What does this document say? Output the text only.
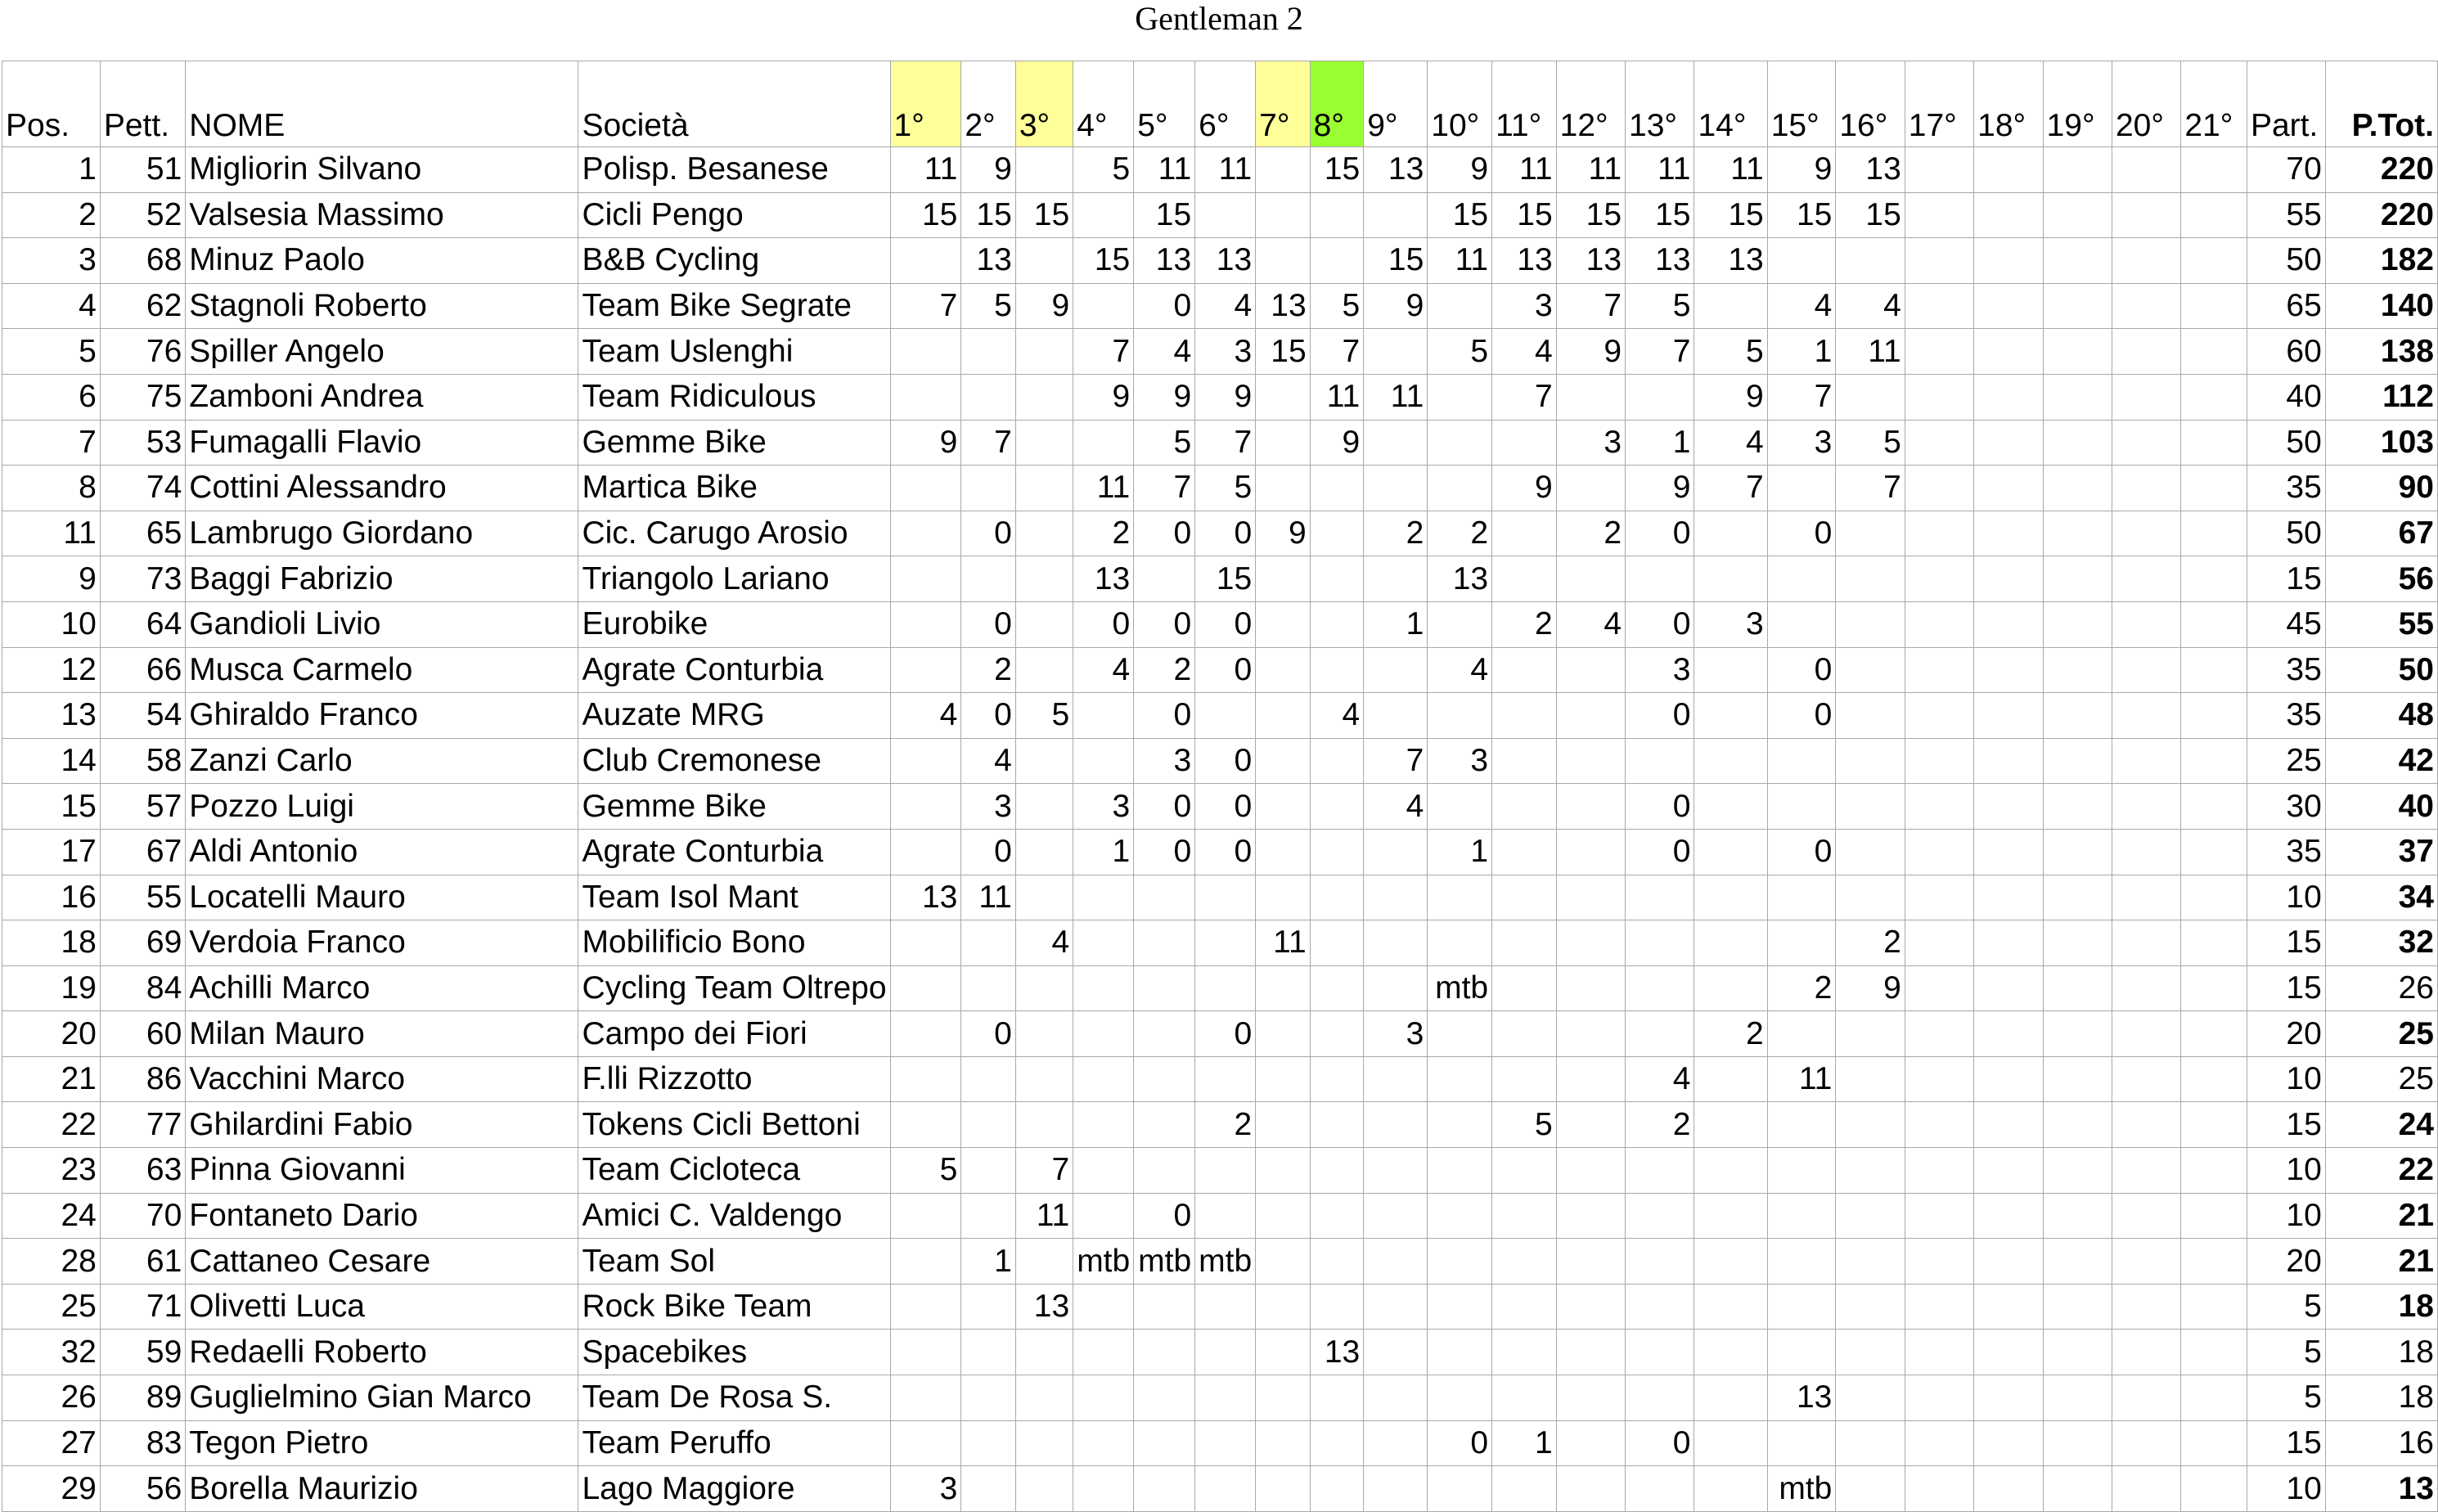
Gentleman 2
Pos.	Pett.	NOME	Società	1°	2°	3°	4°	5°	6°	7°	8°	9°	10°	11°	12°	13°	14°	15°	16°	17°	18°	19°	20°	21°	Part.	P.Tot.
1	51	Migliorin Silvano	Polisp. Besanese	11	9		5	11	11		15	13	9	11	11	11	11	9	13						70	220
2	52	Valsesia Massimo	Cicli Pengo	15	15	15		15					15	15	15	15	15	15	15						55	220
3	68	Minuz Paolo	B&B Cycling		13		15	13	13			15	11	13	13	13	13								50	182
4	62	Stagnoli Roberto	Team Bike Segrate	7	5	9		0	4	13	5	9		3	7	5		4	4						65	140
5	76	Spiller Angelo	Team Uslenghi				7	4	3	15	7		5	4	9	7	5	1	11						60	138
6	75	Zamboni Andrea	Team Ridiculous				9	9	9		11	11		7			9	7							40	112
7	53	Fumagalli Flavio	Gemme Bike	9	7			5	7		9				3	1	4	3	5						50	103
8	74	Cottini Alessandro	Martica Bike				11	7	5					9		9	7		7						35	90
11	65	Lambrugo Giordano	Cic. Carugo Arosio		0		2	0	0	9		2	2		2	0		0							50	67
9	73	Baggi Fabrizio	Triangolo Lariano				13		15				13												15	56
10	64	Gandioli Livio	Eurobike		0		0	0	0			1		2	4	0	3								45	55
12	66	Musca Carmelo	Agrate Conturbia		2		4	2	0				4			3		0							35	50
13	54	Ghiraldo Franco	Auzate MRG	4	0	5		0			4					0		0							35	48
14	58	Zanzi Carlo	Club Cremonese		4			3	0			7	3												25	42
15	57	Pozzo Luigi	Gemme Bike		3		3	0	0			4				0									30	40
17	67	Aldi Antonio	Agrate Conturbia		0		1	0	0				1			0		0							35	37
16	55	Locatelli Mauro	Team Isol Mant	13	11																				10	34
18	69	Verdoia Franco	Mobilificio Bono			4				11									2						15	32
19	84	Achilli Marco	Cycling Team Oltrepo										mtb					2	9						15	26
20	60	Milan Mauro	Campo dei Fiori		0				0			3					2								20	25
21	86	Vacchini Marco	F.lli Rizzotto													4		11							10	25
22	77	Ghilardini Fabio	Tokens Cicli Bettoni						2					5		2									15	24
23	63	Pinna Giovanni	Team Cicloteca	5		7																			10	22
24	70	Fontaneto Dario	Amici C. Valdengo			11		0																	10	21
28	61	Cattaneo Cesare	Team Sol		1		mtb	mtb	mtb																20	21
25	71	Olivetti Luca	Rock Bike Team			13																			5	18
32	59	Redaelli Roberto	Spacebikes								13														5	18
26	89	Guglielmino Gian Marco	Team De Rosa S.															13							5	18
27	83	Tegon Pietro	Team Peruffo										0	1		0									15	16
29	56	Borella Maurizio	Lago Maggiore	3														mtb							10	13
